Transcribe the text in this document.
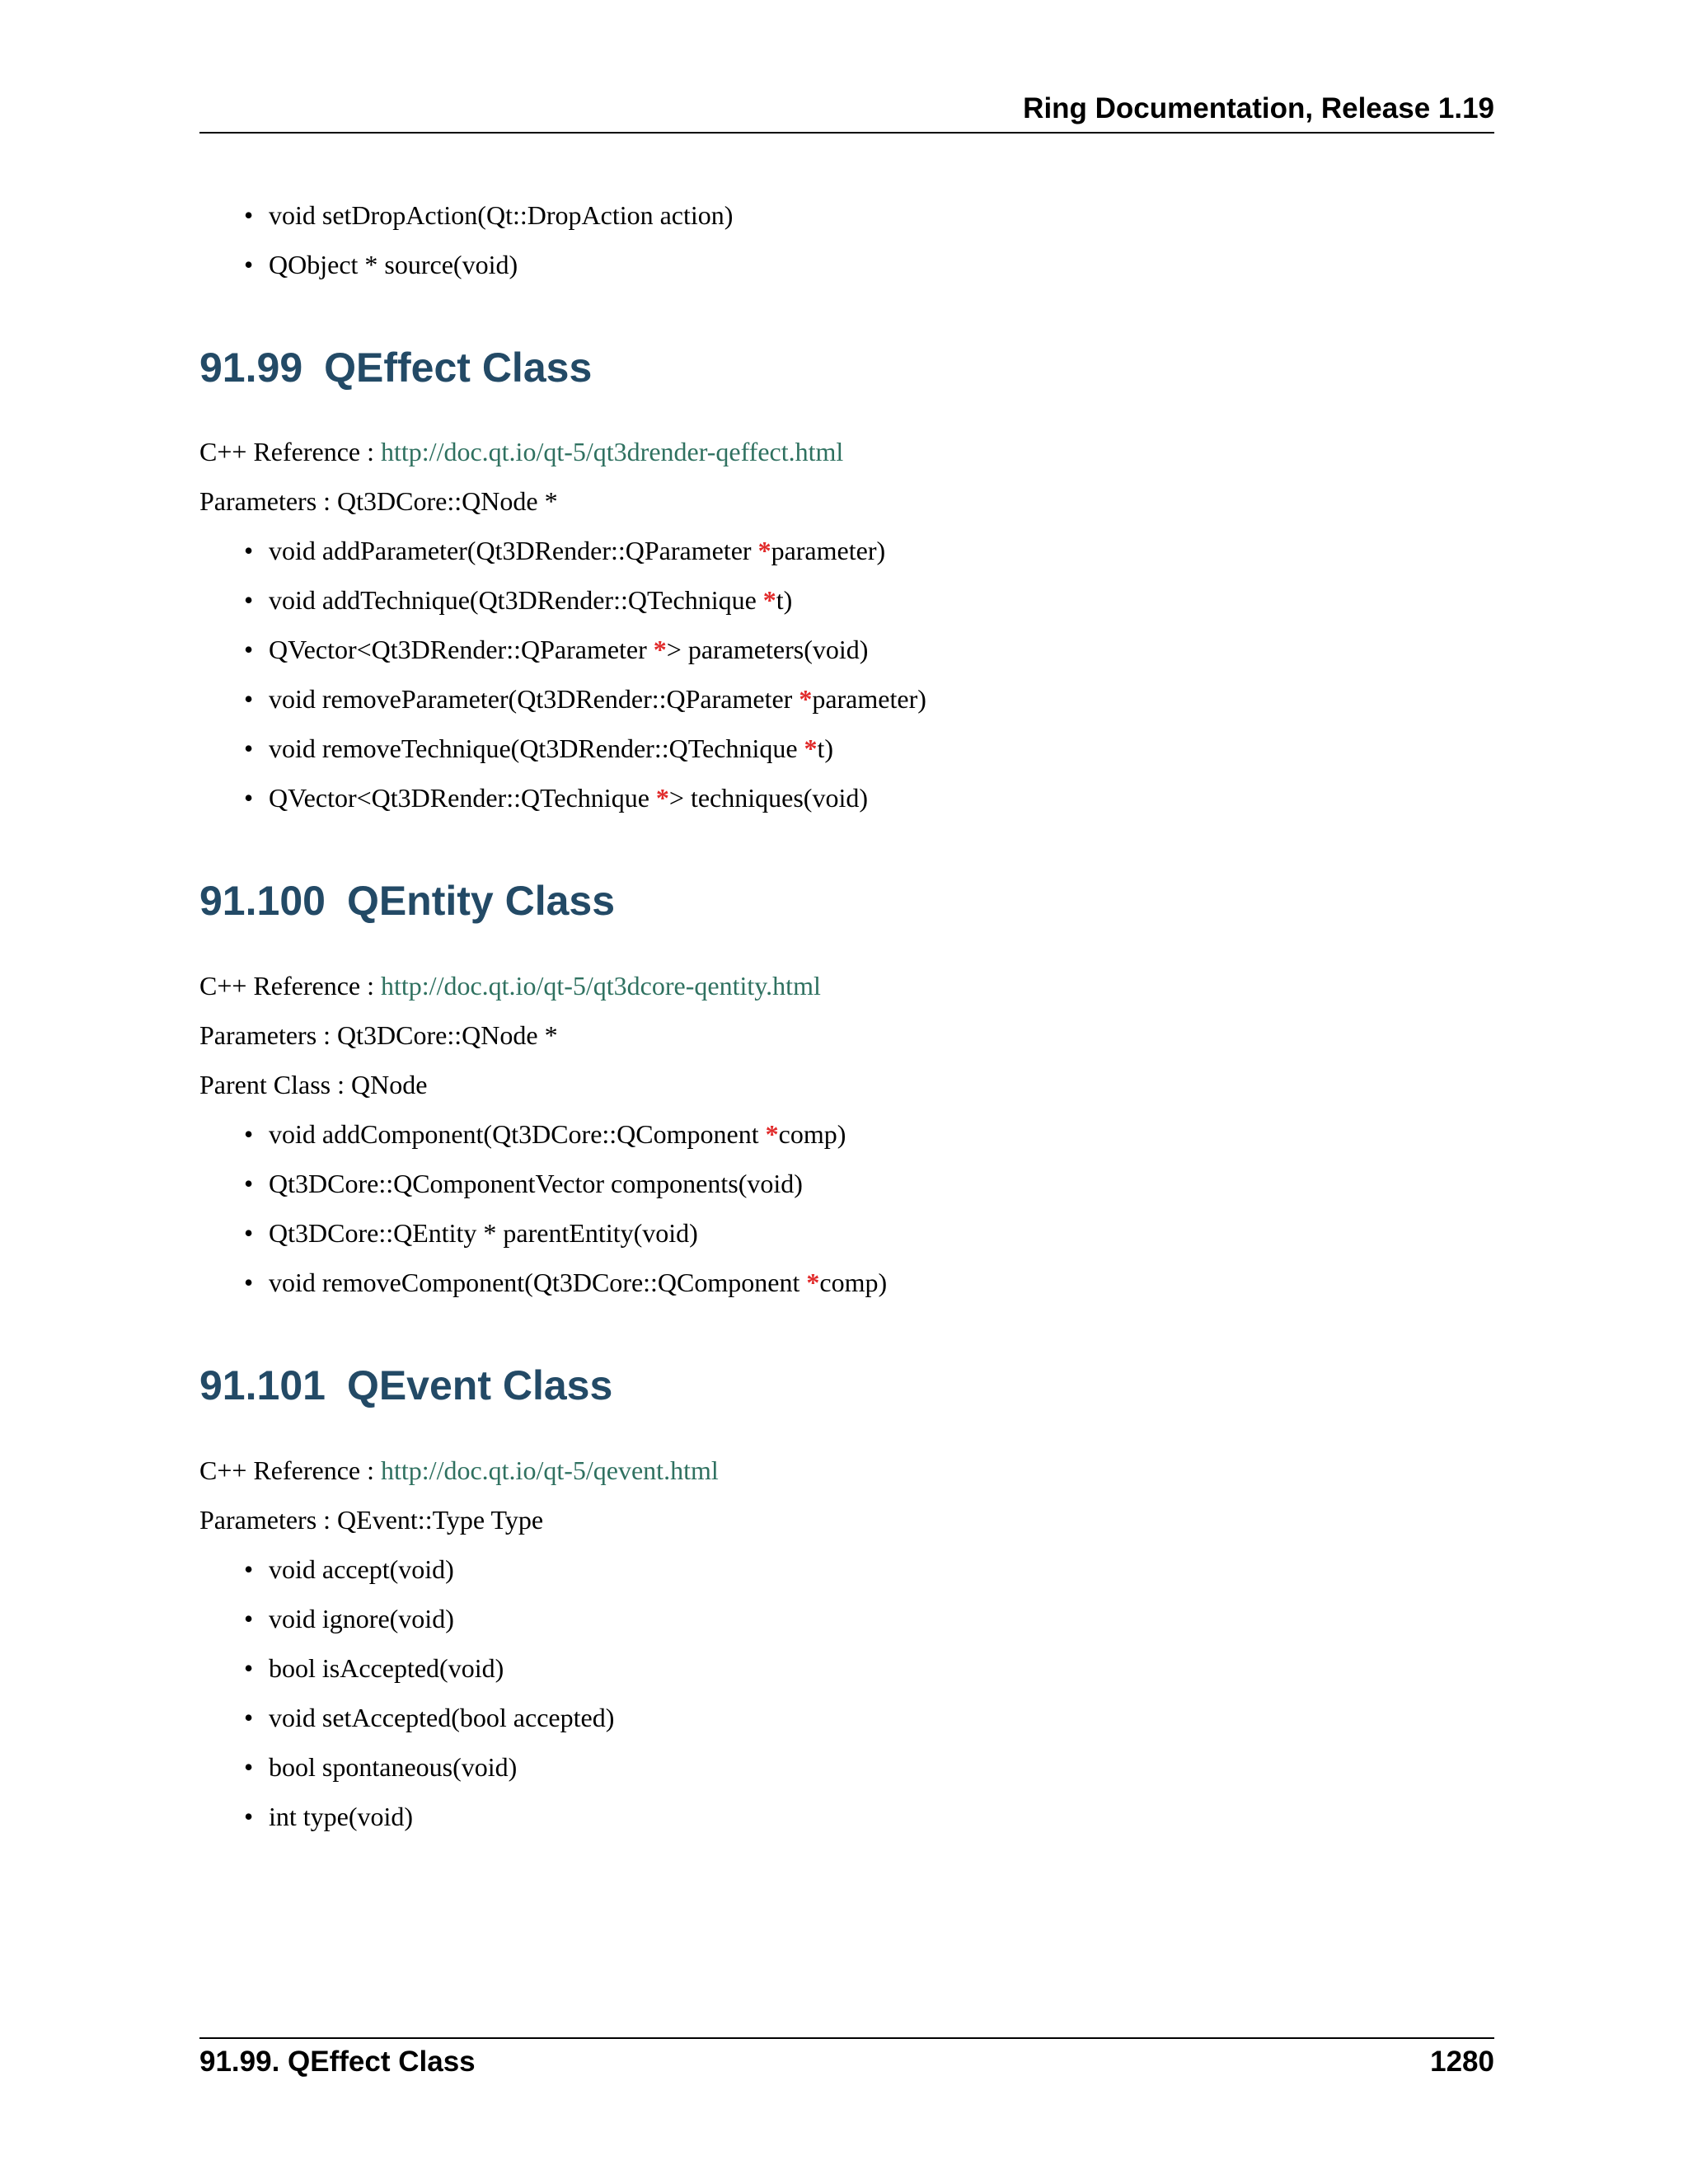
Ring Documentation, Release 1.19
• void setDropAction(Qt::DropAction action)
• QObject * source(void)
91.99 QEffect Class
C++ Reference : http://doc.qt.io/qt-5/qt3drender-qeffect.html
Parameters : Qt3DCore::QNode *
• void addParameter(Qt3DRender::QParameter *parameter)
• void addTechnique(Qt3DRender::QTechnique *t)
• QVector<Qt3DRender::QParameter *> parameters(void)
• void removeParameter(Qt3DRender::QParameter *parameter)
• void removeTechnique(Qt3DRender::QTechnique *t)
• QVector<Qt3DRender::QTechnique *> techniques(void)
91.100 QEntity Class
C++ Reference : http://doc.qt.io/qt-5/qt3dcore-qentity.html
Parameters : Qt3DCore::QNode *
Parent Class : QNode
• void addComponent(Qt3DCore::QComponent *comp)
• Qt3DCore::QComponentVector components(void)
• Qt3DCore::QEntity * parentEntity(void)
• void removeComponent(Qt3DCore::QComponent *comp)
91.101 QEvent Class
C++ Reference : http://doc.qt.io/qt-5/qevent.html
Parameters : QEvent::Type Type
• void accept(void)
• void ignore(void)
• bool isAccepted(void)
• void setAccepted(bool accepted)
• bool spontaneous(void)
• int type(void)
91.99. QEffect Class	1280
